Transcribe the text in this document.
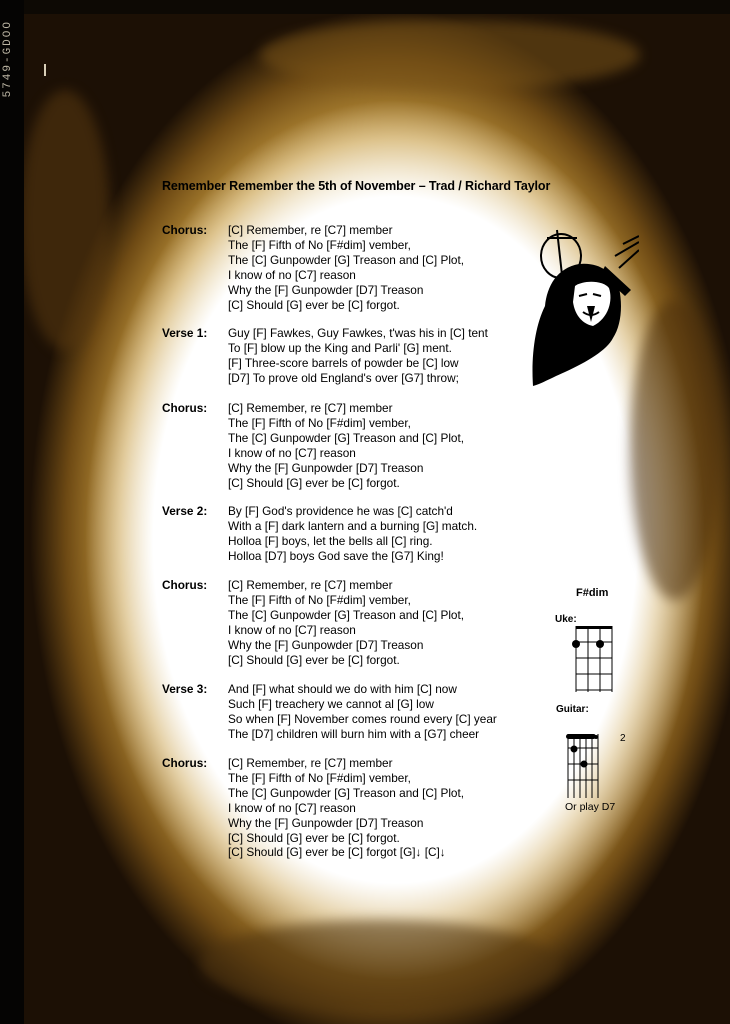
5749-GDOO
Remember Remember the 5th of November – Trad / Richard Taylor
Chorus: [C] Remember, re [C7] member
The [F] Fifth of No [F#dim] vember,
The [C] Gunpowder [G] Treason and [C] Plot,
I know of no [C7] reason
Why the [F] Gunpowder [D7] Treason
[C] Should [G] ever be [C] forgot.
Verse 1: Guy [F] Fawkes, Guy Fawkes, t'was his in [C] tent
To [F] blow up the King and Parli' [G] ment.
[F] Three-score barrels of powder be [C] low
[D7] To prove old England's over [G7] throw;
Chorus: [C] Remember, re [C7] member
The [F] Fifth of No [F#dim] vember,
The [C] Gunpowder [G] Treason and [C] Plot,
I know of no [C7] reason
Why the [F] Gunpowder [D7] Treason
[C] Should [G] ever be [C] forgot.
Verse 2: By [F] God's providence he was [C] catch'd
With a [F] dark lantern and a burning [G] match.
Holloa [F] boys, let the bells all [C] ring.
Holloa [D7] boys God save the [G7] King!
Chorus: [C] Remember, re [C7] member
The [F] Fifth of No [F#dim] vember,
The [C] Gunpowder [G] Treason and [C] Plot,
I know of no [C7] reason
Why the [F] Gunpowder [D7] Treason
[C] Should [G] ever be [C] forgot.
Verse 3: And [F] what should we do with him [C] now
Such [F] treachery we cannot al [G] low
So when [F] November comes round every [C] year
The [D7] children will burn him with a [G7] cheer
Chorus: [C] Remember, re [C7] member
The [F] Fifth of No [F#dim] vember,
The [C] Gunpowder [G] Treason and [C] Plot,
I know of no [C7] reason
Why the [F] Gunpowder [D7] Treason
[C] Should [G] ever be [C] forgot.
[C] Should [G] ever be [C] forgot [G]↓ [C]↓
F#dim
Uke:
Guitar:
2
Or play D7
